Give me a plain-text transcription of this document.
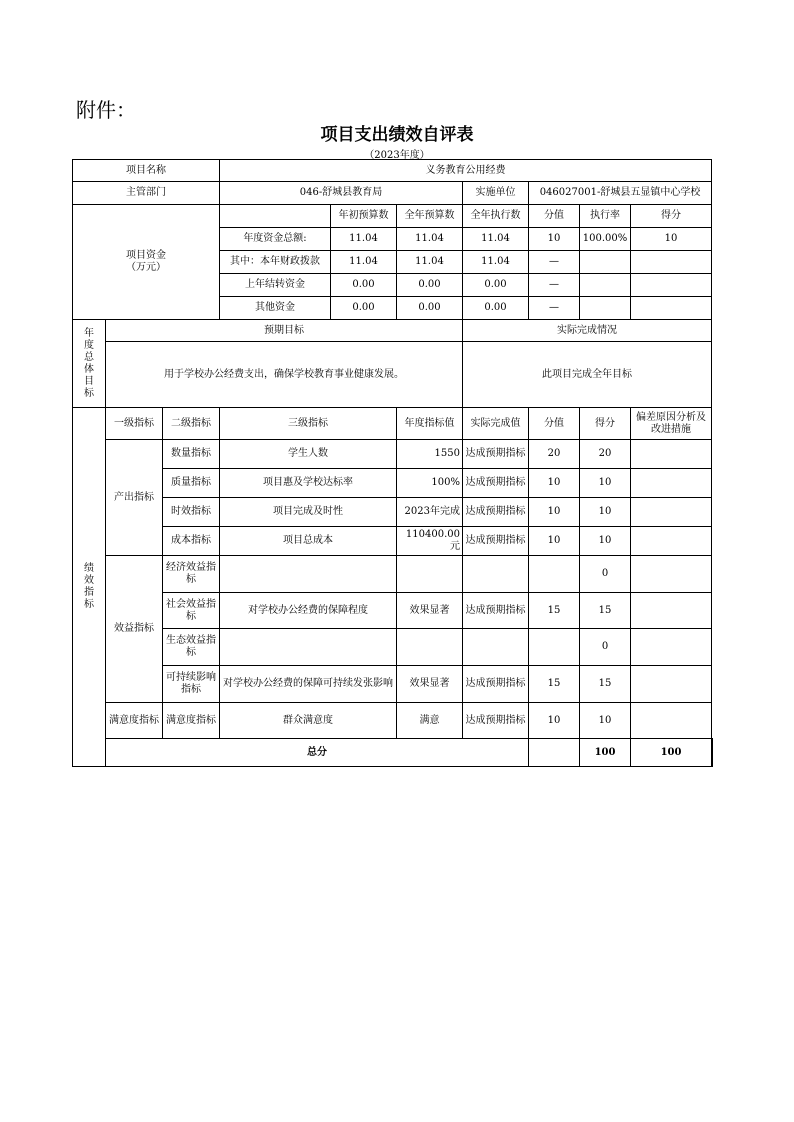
附件：
项目支出绩效自评表
（2023年度）
项目名称			义务教育公用经费							
主管部门			046-舒城县教育局			实施单位	046027001-舒城县五显镇中心学校			

项目资金
（万元）				年初预算数	全年预算数	全年执行数	分值	执行率	得分	
			年度资金总额:	11.04	11.04	11.04	10	100.00%	10	
			其中：本年财政拨款	11.04	11.04	11.04	—			
			上年结转资金	0.00	0.00	0.00	—			
			其他资金	0.00	0.00	0.00	—			
年度总体目标	预期目标					实际完成情况				
	用于学校办公经费支出，确保学校教育事业健康发展。					此项目完成全年目标				
绩效指标	一级指标	二级指标	三级指标		年度指标值	实际完成值	分值	得分	偏差原因分析及改进措施	
	产出指标	数量指标	学生人数		1550	达成预期指标	20	20		
		质量指标	项目惠及学校达标率		100%	达成预期指标	10	10		
		时效指标	项目完成及时性		2023年完成	达成预期指标	10	10		
		成本指标	项目总成本		110400.00元	达成预期指标	10	10		
	效益指标	经济效益指标						0		
		社会效益指标	对学校办公经费的保障程度		效果显著	达成预期指标	15	15		
		生态效益指标						0		
		可持续影响指标	对学校办公经费的保障可持续发张影响		效果显著	达成预期指标	15	15		
	满意度指标	满意度指标	群众满意度		满意	达成预期指标	10	10		
	总分							100	100	
